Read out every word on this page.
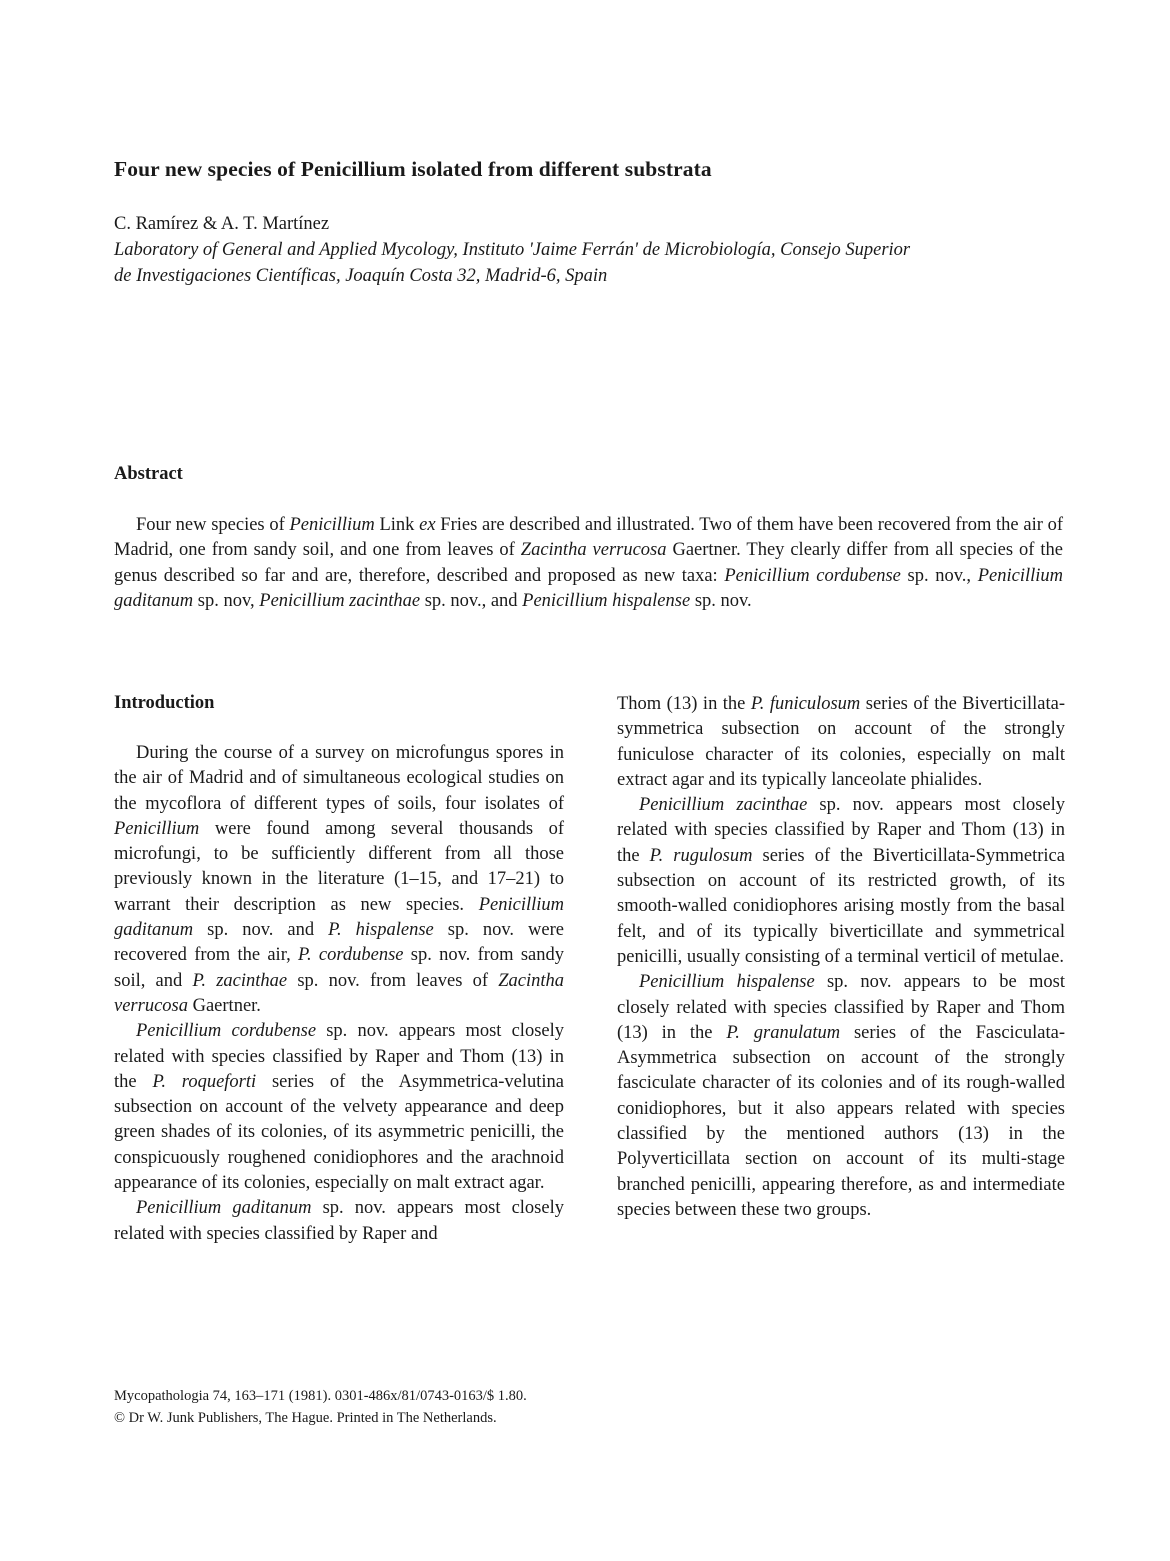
Four new species of Penicillium isolated from different substrata
C. Ramírez & A. T. Martínez
Laboratory of General and Applied Mycology, Instituto 'Jaime Ferrán' de Microbiología, Consejo Superior
de Investigaciones Científicas, Joaquín Costa 32, Madrid-6, Spain
Abstract

Four new species of Penicillium Link ex Fries are described and illustrated. Two of them have been recovered from the air of Madrid, one from sandy soil, and one from leaves of Zacintha verrucosa Gaertner. They clearly differ from all species of the genus described so far and are, therefore, described and proposed as new taxa: Penicillium cordubense sp. nov., Penicillium gaditanum sp. nov, Penicillium zacinthae sp. nov., and Penicillium hispalense sp. nov.

Introduction

During the course of a survey on microfungus spores in the air of Madrid and of simultaneous ecological studies on the mycoflora of different types of soils, four isolates of Penicillium were found among several thousands of microfungi, to be sufficiently different from all those previously known in the literature (1–15, and 17–21) to warrant their description as new species. Penicillium gaditanum sp. nov. and P. hispalense sp. nov. were recovered from the air, P. cordubense sp. nov. from sandy soil, and P. zacinthae sp. nov. from leaves of Zacintha verrucosa Gaertner.

Penicillium cordubense sp. nov. appears most closely related with species classified by Raper and Thom (13) in the P. roqueforti series of the Asymmetrica-velutina subsection on account of the velvety appearance and deep green shades of its colonies, of its asymmetric penicilli, the conspicuously roughened conidiophores and the arachnoid appearance of its colonies, especially on malt extract agar.

Penicillium gaditanum sp. nov. appears most closely related with species classified by Raper and

Thom (13) in the P. funiculosum series of the Biverticillata-symmetrica subsection on account of the strongly funiculose character of its colonies, especially on malt extract agar and its typically lanceolate phialides.

Penicillium zacinthae sp. nov. appears most closely related with species classified by Raper and Thom (13) in the P. rugulosum series of the Biverticillata-Symmetrica subsection on account of its restricted growth, of its smooth-walled conidiophores arising mostly from the basal felt, and of its typically biverticillate and symmetrical penicilli, usually consisting of a terminal verticil of metulae.

Penicillium hispalense sp. nov. appears to be most closely related with species classified by Raper and Thom (13) in the P. granulatum series of the Fasciculata-Asymmetrica subsection on account of the strongly fasciculate character of its colonies and of its rough-walled conidiophores, but it also appears related with species classified by the mentioned authors (13) in the Polyverticillata section on account of its multi-stage branched penicilli, appearing therefore, as and intermediate species between these two groups.

Mycopathologia 74, 163–171 (1981). 0301-486x/81/0743-0163/$ 1.80.
© Dr W. Junk Publishers, The Hague. Printed in The Netherlands.
